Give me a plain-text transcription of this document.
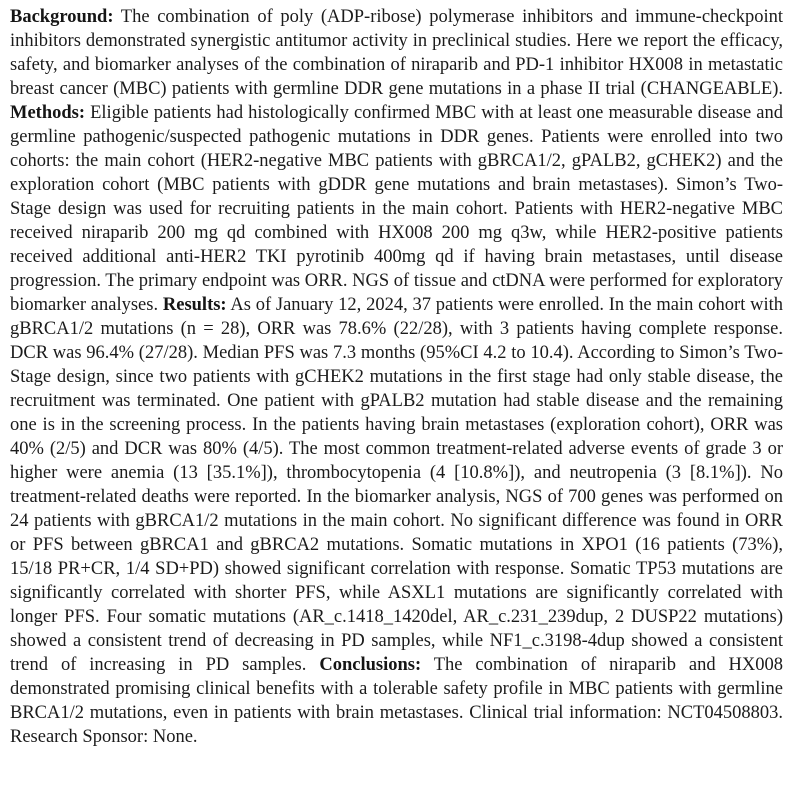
Background: The combination of poly (ADP-ribose) polymerase inhibitors and immune-checkpoint inhibitors demonstrated synergistic antitumor activity in preclinical studies. Here we report the efficacy, safety, and biomarker analyses of the combination of niraparib and PD-1 inhibitor HX008 in metastatic breast cancer (MBC) patients with germline DDR gene mutations in a phase II trial (CHANGEABLE). Methods: Eligible patients had histologically confirmed MBC with at least one measurable disease and germline pathogenic/suspected pathogenic mutations in DDR genes. Patients were enrolled into two cohorts: the main cohort (HER2-negative MBC patients with gBRCA1/2, gPALB2, gCHEK2) and the exploration cohort (MBC patients with gDDR gene mutations and brain metastases). Simon’s Two-Stage design was used for recruiting patients in the main cohort. Patients with HER2-negative MBC received niraparib 200 mg qd combined with HX008 200 mg q3w, while HER2-positive patients received additional anti-HER2 TKI pyrotinib 400mg qd if having brain metastases, until disease progression. The primary endpoint was ORR. NGS of tissue and ctDNA were performed for exploratory biomarker analyses. Results: As of January 12, 2024, 37 patients were enrolled. In the main cohort with gBRCA1/2 mutations (n = 28), ORR was 78.6% (22/28), with 3 patients having complete response. DCR was 96.4% (27/28). Median PFS was 7.3 months (95%CI 4.2 to 10.4). According to Simon’s Two-Stage design, since two patients with gCHEK2 mutations in the first stage had only stable disease, the recruitment was terminated. One patient with gPALB2 mutation had stable disease and the remaining one is in the screening process. In the patients having brain metastases (exploration cohort), ORR was 40% (2/5) and DCR was 80% (4/5). The most common treatment-related adverse events of grade 3 or higher were anemia (13 [35.1%]), thrombocytopenia (4 [10.8%]), and neutropenia (3 [8.1%]). No treatment-related deaths were reported. In the biomarker analysis, NGS of 700 genes was performed on 24 patients with gBRCA1/2 mutations in the main cohort. No significant difference was found in ORR or PFS between gBRCA1 and gBRCA2 mutations. Somatic mutations in XPO1 (16 patients (73%), 15/18 PR+CR, 1/4 SD+PD) showed significant correlation with response. Somatic TP53 mutations are significantly correlated with shorter PFS, while ASXL1 mutations are significantly correlated with longer PFS. Four somatic mutations (AR_c.1418_1420del, AR_c.231_239dup, 2 DUSP22 mutations) showed a consistent trend of decreasing in PD samples, while NF1_c.3198-4dup showed a consistent trend of increasing in PD samples. Conclusions: The combination of niraparib and HX008 demonstrated promising clinical benefits with a tolerable safety profile in MBC patients with germline BRCA1/2 mutations, even in patients with brain metastases. Clinical trial information: NCT04508803. Research Sponsor: None.
